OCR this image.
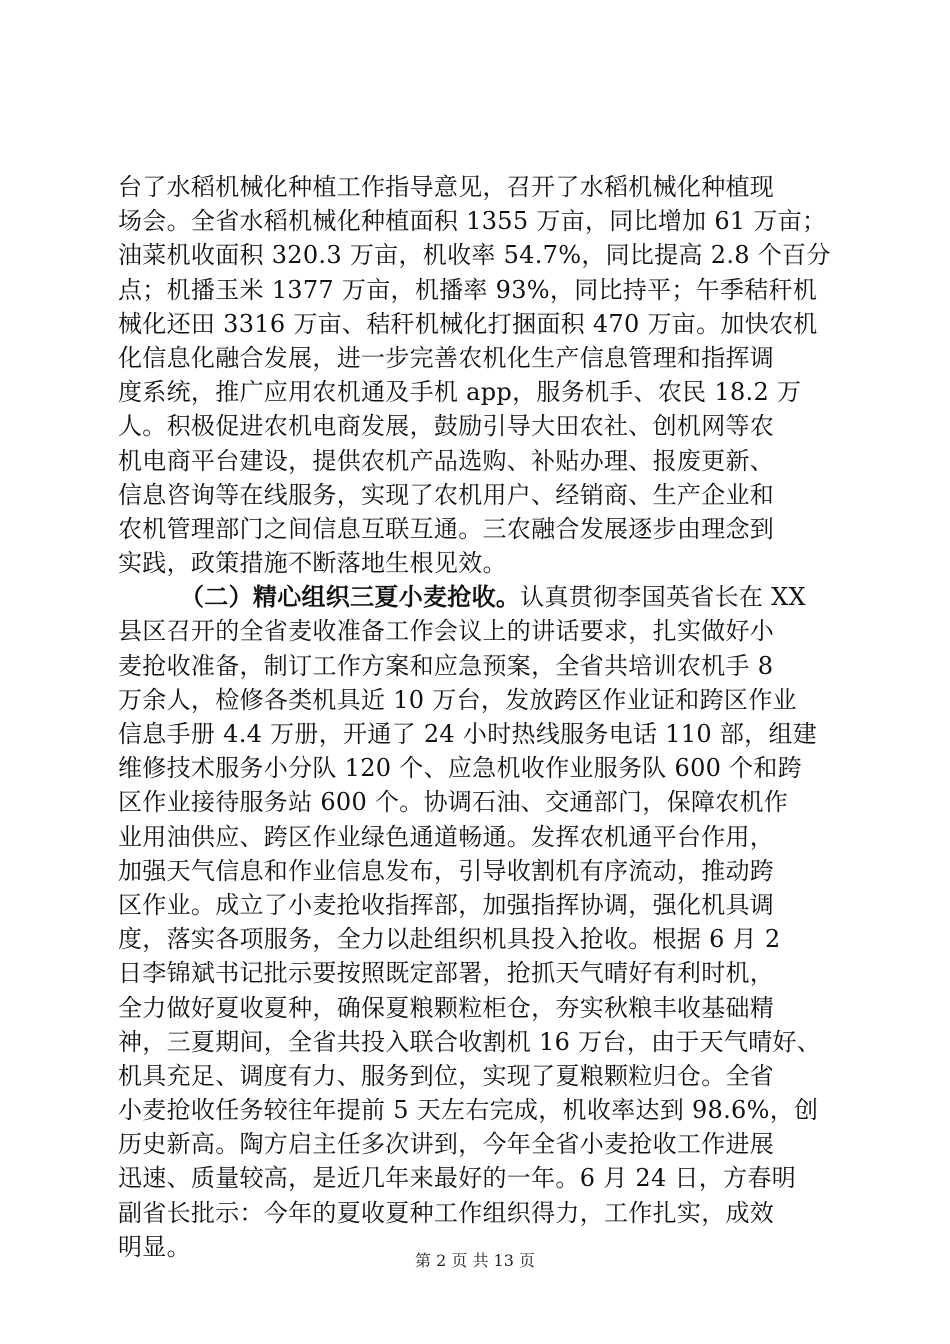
台了水稻机械化种植工作指导意见，召开了水稻机械化种植现
场会。全省水稻机械化种植面积 1355 万亩，同比增加 61 万亩；
油菜机收面积 320.3 万亩，机收率 54.7%，同比提高 2.8 个百分
点；机播玉米 1377 万亩，机播率 93%，同比持平；午季秸秆机
械化还田 3316 万亩、秸秆机械化打捆面积 470 万亩。加快农机
化信息化融合发展，进一步完善农机化生产信息管理和指挥调
度系统，推广应用农机通及手机 app，服务机手、农民 18.2 万
人。积极促进农机电商发展，鼓励引导大田农社、创机网等农
机电商平台建设，提供农机产品选购、补贴办理、报废更新、
信息咨询等在线服务，实现了农机用户、经销商、生产企业和
农机管理部门之间信息互联互通。三农融合发展逐步由理念到
实践，政策措施不断落地生根见效。
（二）精心组织三夏小麦抢收。认真贯彻李国英省长在 XX
县区召开的全省麦收准备工作会议上的讲话要求，扎实做好小
麦抢收准备，制订工作方案和应急预案，全省共培训农机手 8
万余人，检修各类机具近 10 万台，发放跨区作业证和跨区作业
信息手册 4.4 万册，开通了 24 小时热线服务电话 110 部，组建
维修技术服务小分队 120 个、应急机收作业服务队 600 个和跨
区作业接待服务站 600 个。协调石油、交通部门，保障农机作
业用油供应、跨区作业绿色通道畅通。发挥农机通平台作用，
加强天气信息和作业信息发布，引导收割机有序流动，推动跨
区作业。成立了小麦抢收指挥部，加强指挥协调，强化机具调
度，落实各项服务，全力以赴组织机具投入抢收。根据 6 月 2
日李锦斌书记批示要按照既定部署，抢抓天气晴好有利时机，
全力做好夏收夏种，确保夏粮颗粒柜仓，夯实秋粮丰收基础精
神，三夏期间，全省共投入联合收割机 16 万台，由于天气晴好、
机具充足、调度有力、服务到位，实现了夏粮颗粒归仓。全省
小麦抢收任务较往年提前 5 天左右完成，机收率达到 98.6%，创
历史新高。陶方启主任多次讲到，今年全省小麦抢收工作进展
迅速、质量较高，是近几年来最好的一年。6 月 24 日，方春明
副省长批示：今年的夏收夏种工作组织得力，工作扎实，成效
明显。	第 2 页 共 13 页
